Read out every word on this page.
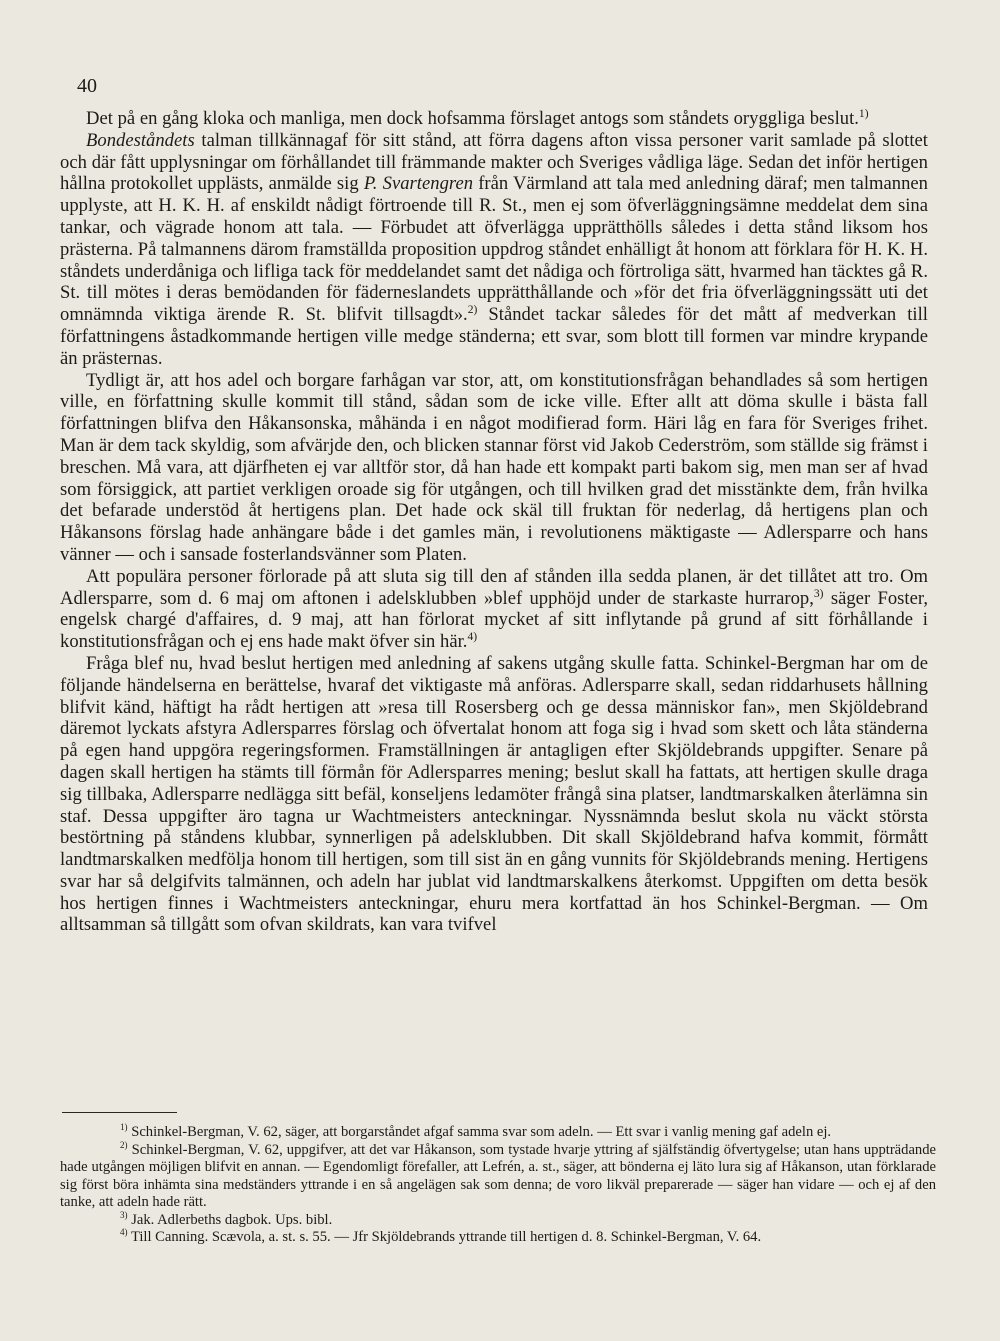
40

Det på en gång kloka och manliga, men dock hofsamma förslaget antogs som ståndets oryggliga beslut.$^{1)}$

Bondeståndets talman tillkännagaf för sitt stånd, att förra dagens afton vissa personer varit samlade på slottet och där fått upplysningar om förhållandet till främmande makter och Sveriges vådliga läge. Sedan det inför hertigen hållna protokollet upplästs, anmälde sig P. Svartengren från Värmland att tala med anledning däraf; men talmannen upplyste, att H. K. H. af enskildt nådigt förtroende till R. St., men ej som öfverläggningsämne meddelat dem sina tankar, och vägrade honom att tala. — Förbudet att öfverlägga upprätthölls således i detta stånd liksom hos prästerna. På talmannens därom framställda proposition uppdrog ståndet enhälligt åt honom att förklara för H. K. H. ståndets underdåniga och lifliga tack för meddelandet samt det nådiga och förtroliga sätt, hvarmed han täcktes gå R. St. till mötes i deras bemödanden för fäderneslandets upprätthållande och »för det fria öfverläggningssätt uti det omnämnda viktiga ärende R. St. blifvit tillsagdt».$^{2)}$ Ståndet tackar således för det mått af medverkan till författningens åstadkommande hertigen ville medge ständerna; ett svar, som blott till formen var mindre krypande än prästernas.

Tydligt är, att hos adel och borgare farhågan var stor, att, om konstitutionsfrågan behandlades så som hertigen ville, en författning skulle kommit till stånd, sådan som de icke ville. Efter allt att döma skulle i bästa fall författningen blifva den Håkansonska, måhända i en något modifierad form. Häri låg en fara för Sveriges frihet. Man är dem tack skyldig, som afvärjde den, och blicken stannar först vid Jakob Cederström, som ställde sig främst i breschen. Må vara, att djärfheten ej var alltför stor, då han hade ett kompakt parti bakom sig, men man ser af hvad som försiggick, att partiet verkligen oroade sig för utgången, och till hvilken grad det misstänkte dem, från hvilka det befarade understöd åt hertigens plan. Det hade ock skäl till fruktan för nederlag, då hertigens plan och Håkansons förslag hade anhängare både i det gamles män, i revolutionens mäktigaste — Adlersparre och hans vänner — och i sansade fosterlandsvänner som Platen.

Att populära personer förlorade på att sluta sig till den af stånden illa sedda planen, är det tillåtet att tro. Om Adlersparre, som d. 6 maj om aftonen i adelsklubben »blef upphöjd under de starkaste hurrarop,$^{3)}$ säger Foster, engelsk chargé d'affaires, d. 9 maj, att han förlorat mycket af sitt inflytande på grund af sitt förhållande i konstitutionsfrågan och ej ens hade makt öfver sin här.$^{4)}$

Fråga blef nu, hvad beslut hertigen med anledning af sakens utgång skulle fatta. Schinkel-Bergman har om de följande händelserna en berättelse, hvaraf det viktigaste må anföras. Adlersparre skall, sedan riddarhusets hållning blifvit känd, häftigt ha rådt hertigen att »resa till Rosersberg och ge dessa människor fan», men Skjöldebrand däremot lyckats afstyra Adlersparres förslag och öfvertalat honom att foga sig i hvad som skett och låta ständerna på egen hand uppgöra regeringsformen. Framställningen är antagligen efter Skjöldebrands uppgifter. Senare på dagen skall hertigen ha stämts till förmån för Adlersparres mening; beslut skall ha fattats, att hertigen skulle draga sig tillbaka, Adlersparre nedlägga sitt befäl, konseljens ledamöter frångå sina platser, landtmarskalken återlämna sin staf. Dessa uppgifter äro tagna ur Wachtmeisters anteckningar. Nyssnämnda beslut skola nu väckt största bestörtning på ståndens klubbar, synnerligen på adelsklubben. Dit skall Skjöldebrand hafva kommit, förmått landtmarskalken medfölja honom till hertigen, som till sist än en gång vunnits för Skjöldebrands mening. Hertigens svar har så delgifvits talmännen, och adeln har jublat vid landtmarskalkens återkomst. Uppgiften om detta besök hos hertigen finnes i Wachtmeisters anteckningar, ehuru mera kortfattad än hos Schinkel-Bergman. — Om alltsamman så tillgått som ofvan skildrats, kan vara tvifvel

$^{1)}$ Schinkel-Bergman, V. 62, säger, att borgarståndet afgaf samma svar som adeln. — Ett svar i vanlig mening gaf adeln ej.

$^{2)}$ Schinkel-Bergman, V. 62, uppgifver, att det var Håkanson, som tystade hvarje yttring af själfständig öfvertygelse; utan hans uppträdande hade utgången möjligen blifvit en annan. — Egendomligt förefaller, att Lefrén, a. st., säger, att bönderna ej läto lura sig af Håkanson, utan förklarade sig först böra inhämta sina medständers yttrande i en så angelägen sak som denna; de voro likväl preparerade — säger han vidare — och ej af den tanke, att adeln hade rätt.

$^{3)}$ Jak. Adlerbeths dagbok. Ups. bibl.

$^{4)}$ Till Canning. Scævola, a. st. s. 55. — Jfr Skjöldebrands yttrande till hertigen d. 8. Schinkel-Bergman, V. 64.
